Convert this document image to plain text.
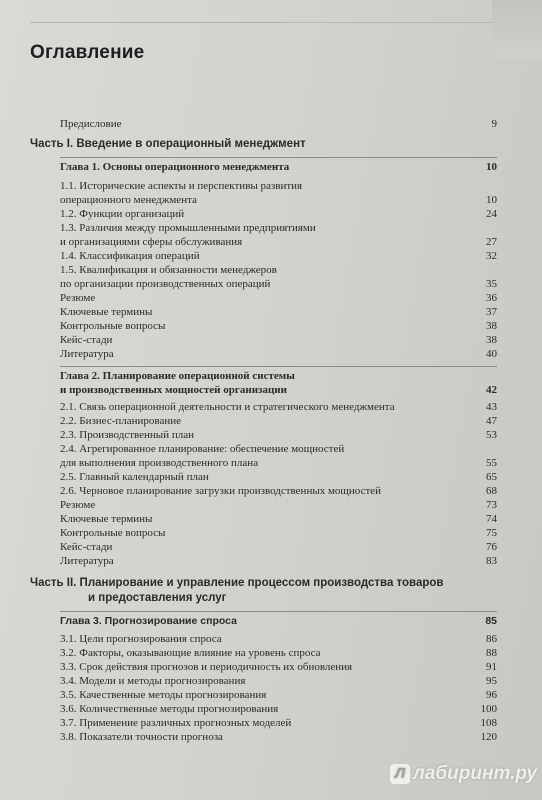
Оглавление
Предисловие	9
Часть I. Введение в операционный менеджмент
Глава 1. Основы операционного менеджмента	10
1.1. Исторические аспекты и перспективы развития
операционного менеджмента	10
1.2. Функции организаций	24
1.3. Различия между промышленными предприятиями
и организациями сферы обслуживания	27
1.4. Классификация операций	32
1.5. Квалификация и обязанности менеджеров
по организации производственных операций	35
Резюме	36
Ключевые термины	37
Контрольные вопросы	38
Кейс-стади	38
Литература	40
Глава 2. Планирование операционной системы
и производственных мощностей организации	42
2.1. Связь операционной деятельности и стратегического менеджмента	43
2.2. Бизнес-планирование	47
2.3. Производственный план	53
2.4. Агрегированное планирование: обеспечение мощностей
для выполнения производственного плана	55
2.5. Главный календарный план	65
2.6. Черновое планирование загрузки производственных мощностей	68
Резюме	73
Ключевые термины	74
Контрольные вопросы	75
Кейс-стади	76
Литература	83
Часть II. Планирование и управление процессом производства товаров
и предоставления услуг
Глава 3. Прогнозирование спроса	85
3.1. Цели прогнозирования спроса	86
3.2. Факторы, оказывающие влияние на уровень спроса	88
3.3. Срок действия прогнозов и периодичность их обновления	91
3.4. Модели и методы прогнозирования	95
3.5. Качественные методы прогнозирования	96
3.6. Количественные методы прогнозирования	100
3.7. Применение различных прогнозных моделей	108
3.8. Показатели точности прогноза	120
Л лабиринт.ру
